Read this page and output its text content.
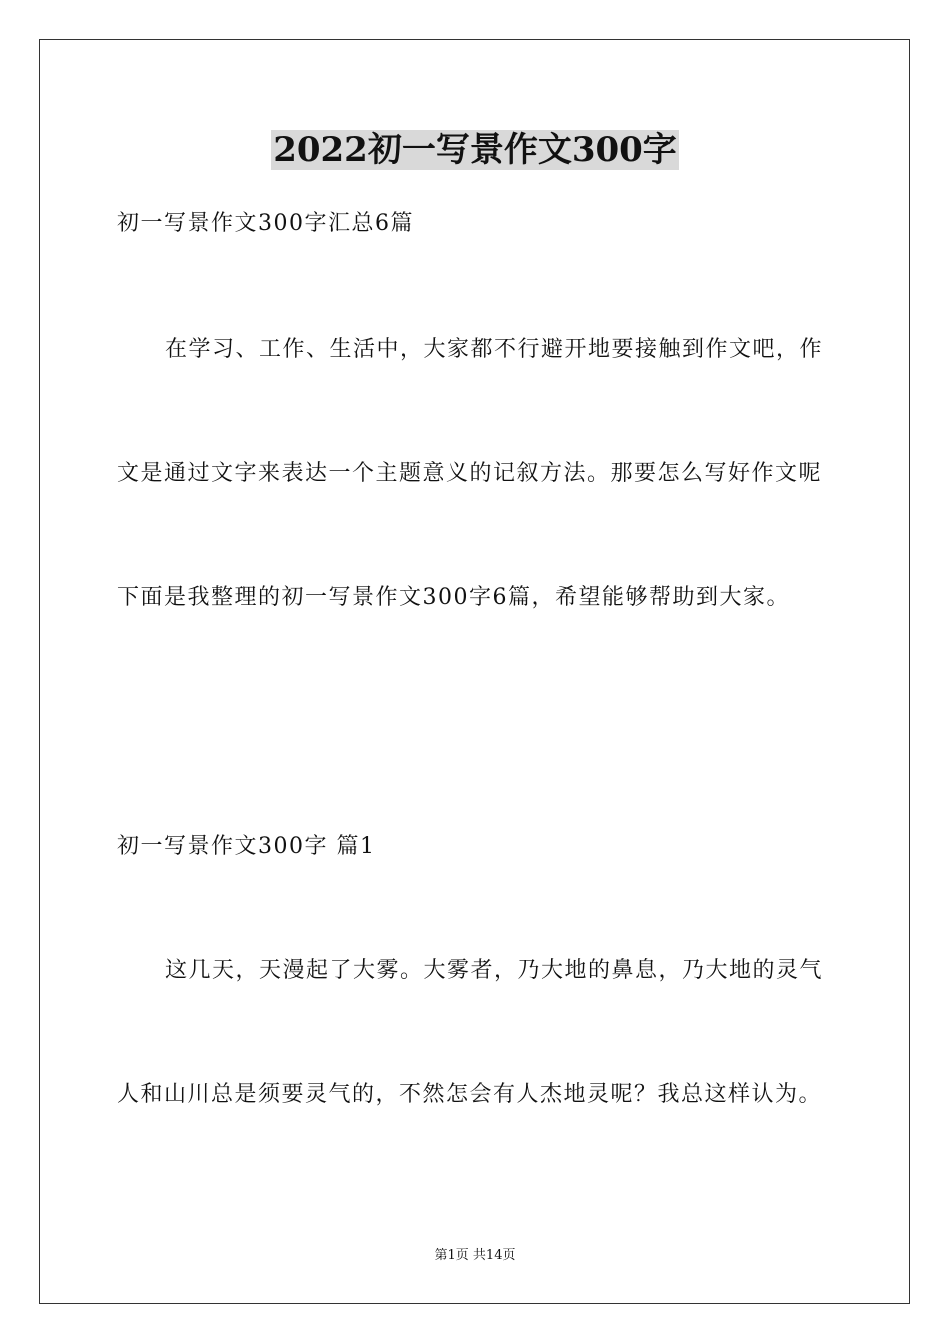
2022初一写景作文300字
初一写景作文300字汇总6篇
在学习、工作、生活中，大家都不行避开地要接触到作文吧，作
文是通过文字来表达一个主题意义的记叙方法。那要怎么写好作文呢
下面是我整理的初一写景作文300字6篇，希望能够帮助到大家。
初一写景作文300字 篇1
这几天，天漫起了大雾。大雾者，乃大地的鼻息，乃大地的灵气
人和山川总是须要灵气的，不然怎会有人杰地灵呢？我总这样认为。
第1页 共14页
